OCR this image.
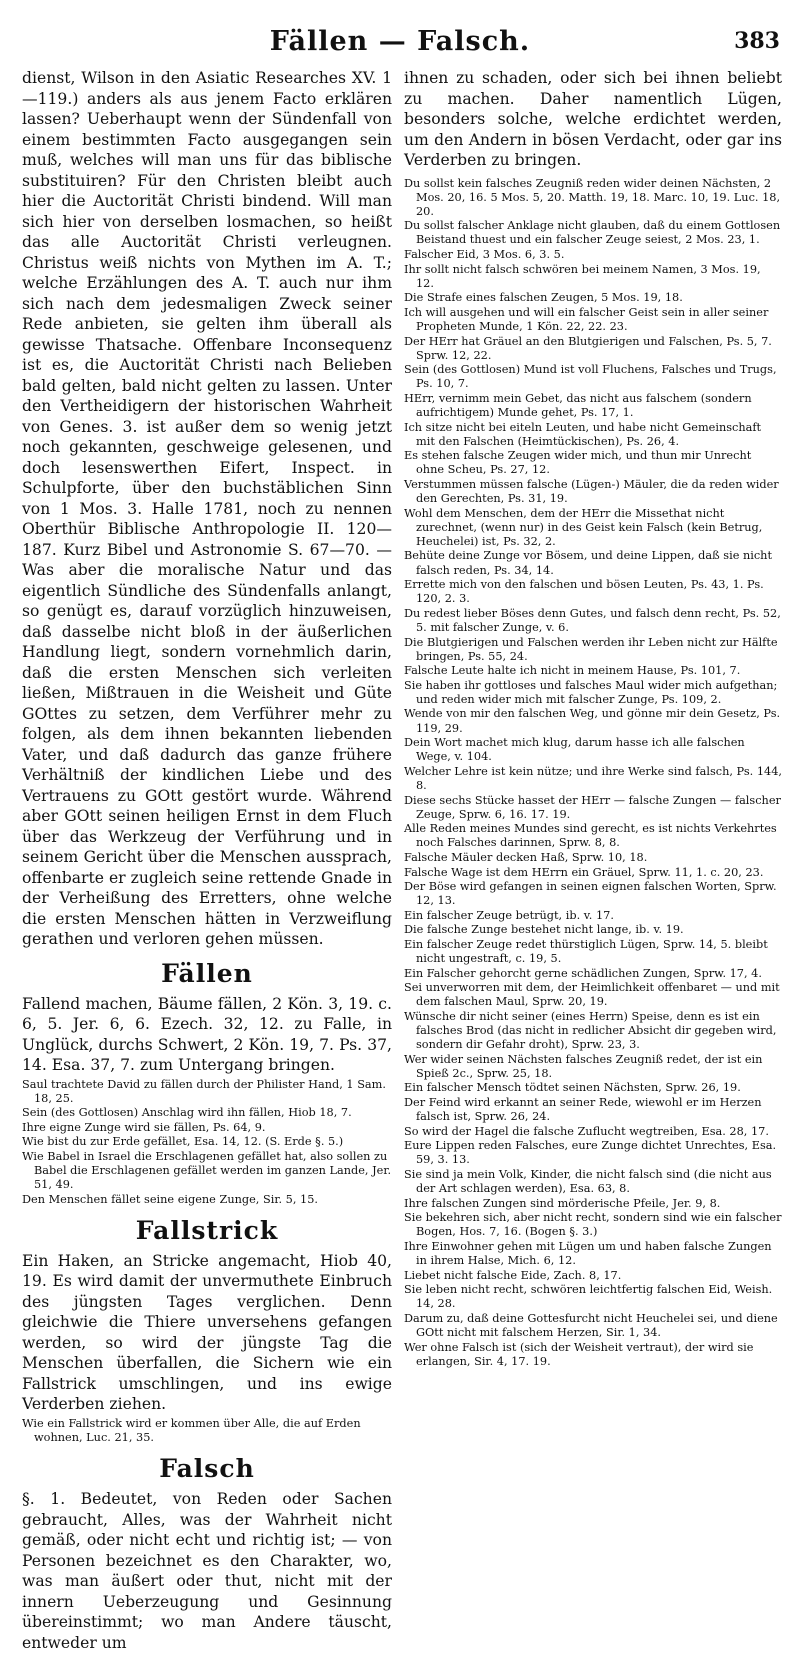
Fällen — Falsch.	383

dienst, Wilson in den Asiatic Researches XV. 1—119.) anders als aus jenem Facto erklären lassen? Ueberhaupt wenn der Sündenfall von einem bestimmten Facto ausgegangen sein muß, welches will man uns für das biblische substituiren? Für den Christen bleibt auch hier die Auctorität Christi bindend. Will man sich hier von derselben losmachen, so heißt das alle Auctorität Christi verleugnen. Christus weiß nichts von Mythen im A. T.; welche Erzählungen des A. T. auch nur ihm sich nach dem jedesmaligen Zweck seiner Rede anbieten, sie gelten ihm überall als gewisse Thatsache. Offenbare Inconsequenz ist es, die Auctorität Christi nach Belieben bald gelten, bald nicht gelten zu lassen. Unter den Vertheidigern der historischen Wahrheit von Genes. 3. ist außer dem so wenig jetzt noch gekannten, geschweige gelesenen, und doch lesenswerthen Eifert, Inspect. in Schulpforte, über den buchstäblichen Sinn von 1 Mos. 3. Halle 1781, noch zu nennen Oberthür Biblische Anthropologie II. 120—187. Kurz Bibel und Astronomie S. 67—70. — Was aber die moralische Natur und das eigentlich Sündliche des Sündenfalls anlangt, so genügt es, darauf vorzüglich hinzuweisen, daß dasselbe nicht bloß in der äußerlichen Handlung liegt, sondern vornehmlich darin, daß die ersten Menschen sich verleiten ließen, Mißtrauen in die Weisheit und Güte GOttes zu setzen, dem Verführer mehr zu folgen, als dem ihnen bekannten liebenden Vater, und daß dadurch das ganze frühere Verhältniß der kindlichen Liebe und des Vertrauens zu GOtt gestört wurde. Während aber GOtt seinen heiligen Ernst in dem Fluch über das Werkzeug der Verführung und in seinem Gericht über die Menschen aussprach, offenbarte er zugleich seine rettende Gnade in der Verheißung des Erretters, ohne welche die ersten Menschen hätten in Verzweiflung gerathen und verloren gehen müssen.

Fällen

Fallend machen, Bäume fällen, 2 Kön. 3, 19. c. 6, 5. Jer. 6, 6. Ezech. 32, 12. zu Falle, in Unglück, durchs Schwert, 2 Kön. 19, 7. Ps. 37, 14. Esa. 37, 7. zum Untergang bringen.

Saul trachtete David zu fällen durch der Philister Hand, 1 Sam. 18, 25.

Sein (des Gottlosen) Anschlag wird ihn fällen, Hiob 18, 7.

Ihre eigne Zunge wird sie fällen, Ps. 64, 9.

Wie bist du zur Erde gefället, Esa. 14, 12. (S. Erde §. 5.)

Wie Babel in Israel die Erschlagenen gefället hat, also sollen zu Babel die Erschlagenen gefället werden im ganzen Lande, Jer. 51, 49.

Den Menschen fället seine eigene Zunge, Sir. 5, 15.

Fallstrick

Ein Haken, an Stricke angemacht, Hiob 40, 19. Es wird damit der unvermuthete Einbruch des jüngsten Tages verglichen. Denn gleichwie die Thiere unversehens gefangen werden, so wird der jüngste Tag die Menschen überfallen, die Sichern wie ein Fallstrick umschlingen, und ins ewige Verderben ziehen.

Wie ein Fallstrick wird er kommen über Alle, die auf Erden wohnen, Luc. 21, 35.

Falsch

§. 1. Bedeutet, von Reden oder Sachen gebraucht, Alles, was der Wahrheit nicht gemäß, oder nicht echt und richtig ist; — von Personen bezeichnet es den Charakter, wo, was man äußert oder thut, nicht mit der innern Ueberzeugung und Gesinnung übereinstimmt; wo man Andere täuscht, entweder um

ihnen zu schaden, oder sich bei ihnen beliebt zu machen. Daher namentlich Lügen, besonders solche, welche erdichtet werden, um den Andern in bösen Verdacht, oder gar ins Verderben zu bringen.

Du sollst kein falsches Zeugniß reden wider deinen Nächsten, 2 Mos. 20, 16. 5 Mos. 5, 20. Matth. 19, 18. Marc. 10, 19. Luc. 18, 20.

Du sollst falscher Anklage nicht glauben, daß du einem Gottlosen Beistand thuest und ein falscher Zeuge seiest, 2 Mos. 23, 1.

Falscher Eid, 3 Mos. 6, 3. 5.

Ihr sollt nicht falsch schwören bei meinem Namen, 3 Mos. 19, 12.

Die Strafe eines falschen Zeugen, 5 Mos. 19, 18.

Ich will ausgehen und will ein falscher Geist sein in aller seiner Propheten Munde, 1 Kön. 22, 22. 23.

Der HErr hat Gräuel an den Blutgierigen und Falschen, Ps. 5, 7. Sprw. 12, 22.

Sein (des Gottlosen) Mund ist voll Fluchens, Falsches und Trugs, Ps. 10, 7.

HErr, vernimm mein Gebet, das nicht aus falschem (sondern aufrichtigem) Munde gehet, Ps. 17, 1.

Ich sitze nicht bei eiteln Leuten, und habe nicht Gemeinschaft mit den Falschen (Heimtückischen), Ps. 26, 4.

Es stehen falsche Zeugen wider mich, und thun mir Unrecht ohne Scheu, Ps. 27, 12.

Verstummen müssen falsche (Lügen-) Mäuler, die da reden wider den Gerechten, Ps. 31, 19.

Wohl dem Menschen, dem der HErr die Missethat nicht zurechnet, (wenn nur) in des Geist kein Falsch (kein Betrug, Heuchelei) ist, Ps. 32, 2.

Behüte deine Zunge vor Bösem, und deine Lippen, daß sie nicht falsch reden, Ps. 34, 14.

Errette mich von den falschen und bösen Leuten, Ps. 43, 1. Ps. 120, 2. 3.

Du redest lieber Böses denn Gutes, und falsch denn recht, Ps. 52, 5. mit falscher Zunge, v. 6.

Die Blutgierigen und Falschen werden ihr Leben nicht zur Hälfte bringen, Ps. 55, 24.

Falsche Leute halte ich nicht in meinem Hause, Ps. 101, 7.

Sie haben ihr gottloses und falsches Maul wider mich aufgethan; und reden wider mich mit falscher Zunge, Ps. 109, 2.

Wende von mir den falschen Weg, und gönne mir dein Gesetz, Ps. 119, 29.

Dein Wort machet mich klug, darum hasse ich alle falschen Wege, v. 104.

Welcher Lehre ist kein nütze; und ihre Werke sind falsch, Ps. 144, 8.

Diese sechs Stücke hasset der HErr — falsche Zungen — falscher Zeuge, Sprw. 6, 16. 17. 19.

Alle Reden meines Mundes sind gerecht, es ist nichts Verkehrtes noch Falsches darinnen, Sprw. 8, 8.

Falsche Mäuler decken Haß, Sprw. 10, 18.

Falsche Wage ist dem HErrn ein Gräuel, Sprw. 11, 1. c. 20, 23.

Der Böse wird gefangen in seinen eignen falschen Worten, Sprw. 12, 13.

Ein falscher Zeuge betrügt, ib. v. 17.

Die falsche Zunge bestehet nicht lange, ib. v. 19.

Ein falscher Zeuge redet thürstiglich Lügen, Sprw. 14, 5. bleibt nicht ungestraft, c. 19, 5.

Ein Falscher gehorcht gerne schädlichen Zungen, Sprw. 17, 4.

Sei unverworren mit dem, der Heimlichkeit offenbaret — und mit dem falschen Maul, Sprw. 20, 19.

Wünsche dir nicht seiner (eines Herrn) Speise, denn es ist ein falsches Brod (das nicht in redlicher Absicht dir gegeben wird, sondern dir Gefahr droht), Sprw. 23, 3.

Wer wider seinen Nächsten falsches Zeugniß redet, der ist ein Spieß 2c., Sprw. 25, 18.

Ein falscher Mensch tödtet seinen Nächsten, Sprw. 26, 19.

Der Feind wird erkannt an seiner Rede, wiewohl er im Herzen falsch ist, Sprw. 26, 24.

So wird der Hagel die falsche Zuflucht wegtreiben, Esa. 28, 17.

Eure Lippen reden Falsches, eure Zunge dichtet Unrechtes, Esa. 59, 3. 13.

Sie sind ja mein Volk, Kinder, die nicht falsch sind (die nicht aus der Art schlagen werden), Esa. 63, 8.

Ihre falschen Zungen sind mörderische Pfeile, Jer. 9, 8.

Sie bekehren sich, aber nicht recht, sondern sind wie ein falscher Bogen, Hos. 7, 16. (Bogen §. 3.)

Ihre Einwohner gehen mit Lügen um und haben falsche Zungen in ihrem Halse, Mich. 6, 12.

Liebet nicht falsche Eide, Zach. 8, 17.

Sie leben nicht recht, schwören leichtfertig falschen Eid, Weish. 14, 28.

Darum zu, daß deine Gottesfurcht nicht Heuchelei sei, und diene GOtt nicht mit falschem Herzen, Sir. 1, 34.

Wer ohne Falsch ist (sich der Weisheit vertraut), der wird sie erlangen, Sir. 4, 17. 19.
